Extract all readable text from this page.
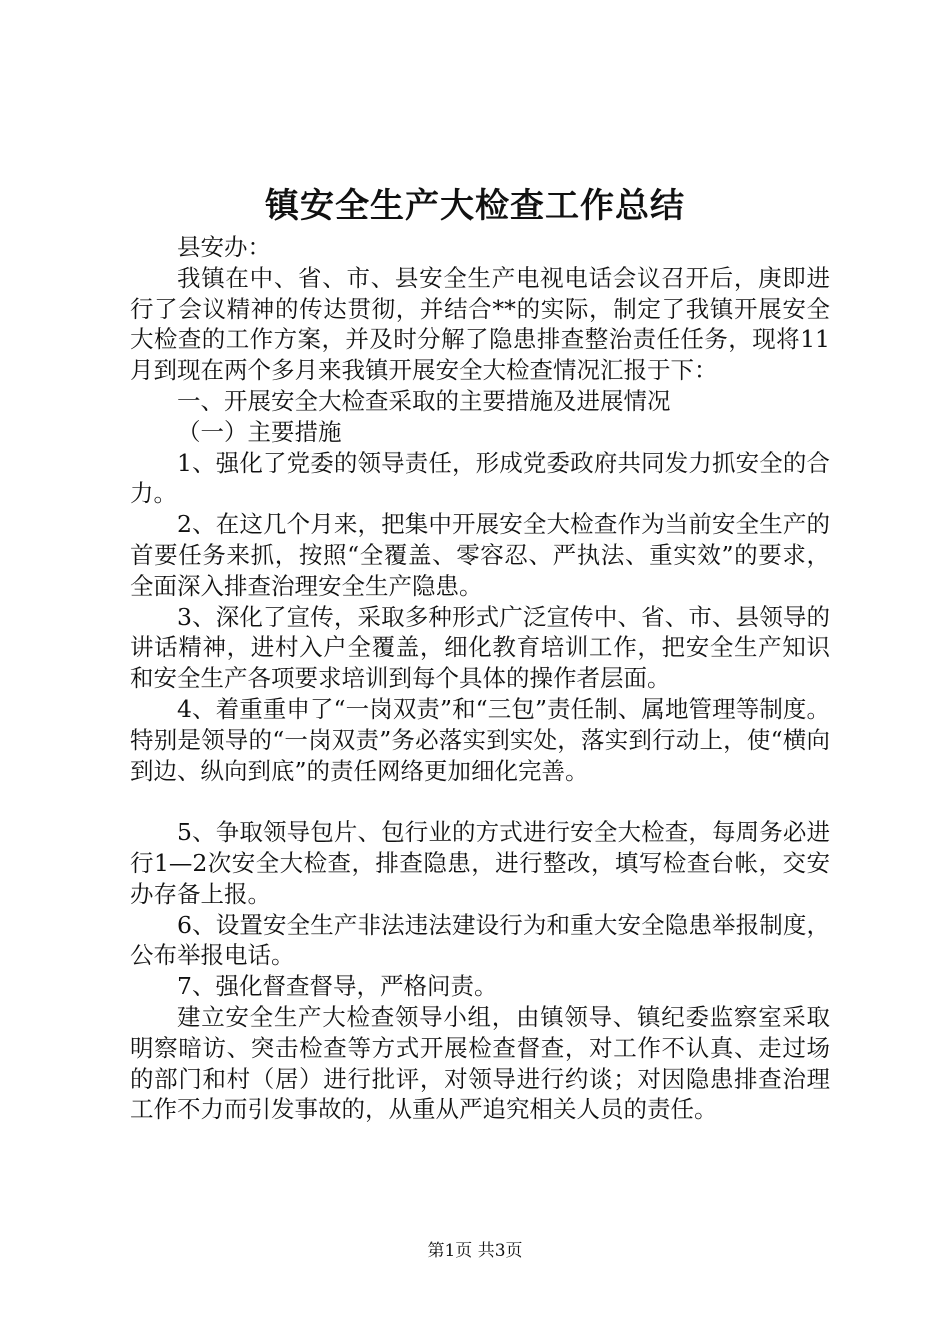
镇安全生产大检查工作总结

县安办：

我镇在中、省、市、县安全生产电视电话会议召开后，庚即进行了会议精神的传达贯彻，并结合**的实际，制定了我镇开展安全大检查的工作方案，并及时分解了隐患排查整治责任任务，现将11月到现在两个多月来我镇开展安全大检查情况汇报于下：

一、开展安全大检查采取的主要措施及进展情况

（一）主要措施

1、强化了党委的领导责任，形成党委政府共同发力抓安全的合力。

2、在这几个月来，把集中开展安全大检查作为当前安全生产的首要任务来抓，按照“全覆盖、零容忍、严执法、重实效”的要求，全面深入排查治理安全生产隐患。

3、深化了宣传，采取多种形式广泛宣传中、省、市、县领导的讲话精神，进村入户全覆盖，细化教育培训工作，把安全生产知识和安全生产各项要求培训到每个具体的操作者层面。

4、着重重申了“一岗双责”和“三包”责任制、属地管理等制度。特别是领导的“一岗双责”务必落实到实处，落实到行动上，使“横向到边、纵向到底”的责任网络更加细化完善。

5、争取领导包片、包行业的方式进行安全大检查，每周务必进行1—2次安全大检查，排查隐患，进行整改，填写检查台帐，交安办存备上报。

6、设置安全生产非法违法建设行为和重大安全隐患举报制度，公布举报电话。

7、强化督查督导，严格问责。

建立安全生产大检查领导小组，由镇领导、镇纪委监察室采取明察暗访、突击检查等方式开展检查督查，对工作不认真、走过场的部门和村（居）进行批评，对领导进行约谈；对因隐患排查治理工作不力而引发事故的，从重从严追究相关人员的责任。

第1页 共3页
